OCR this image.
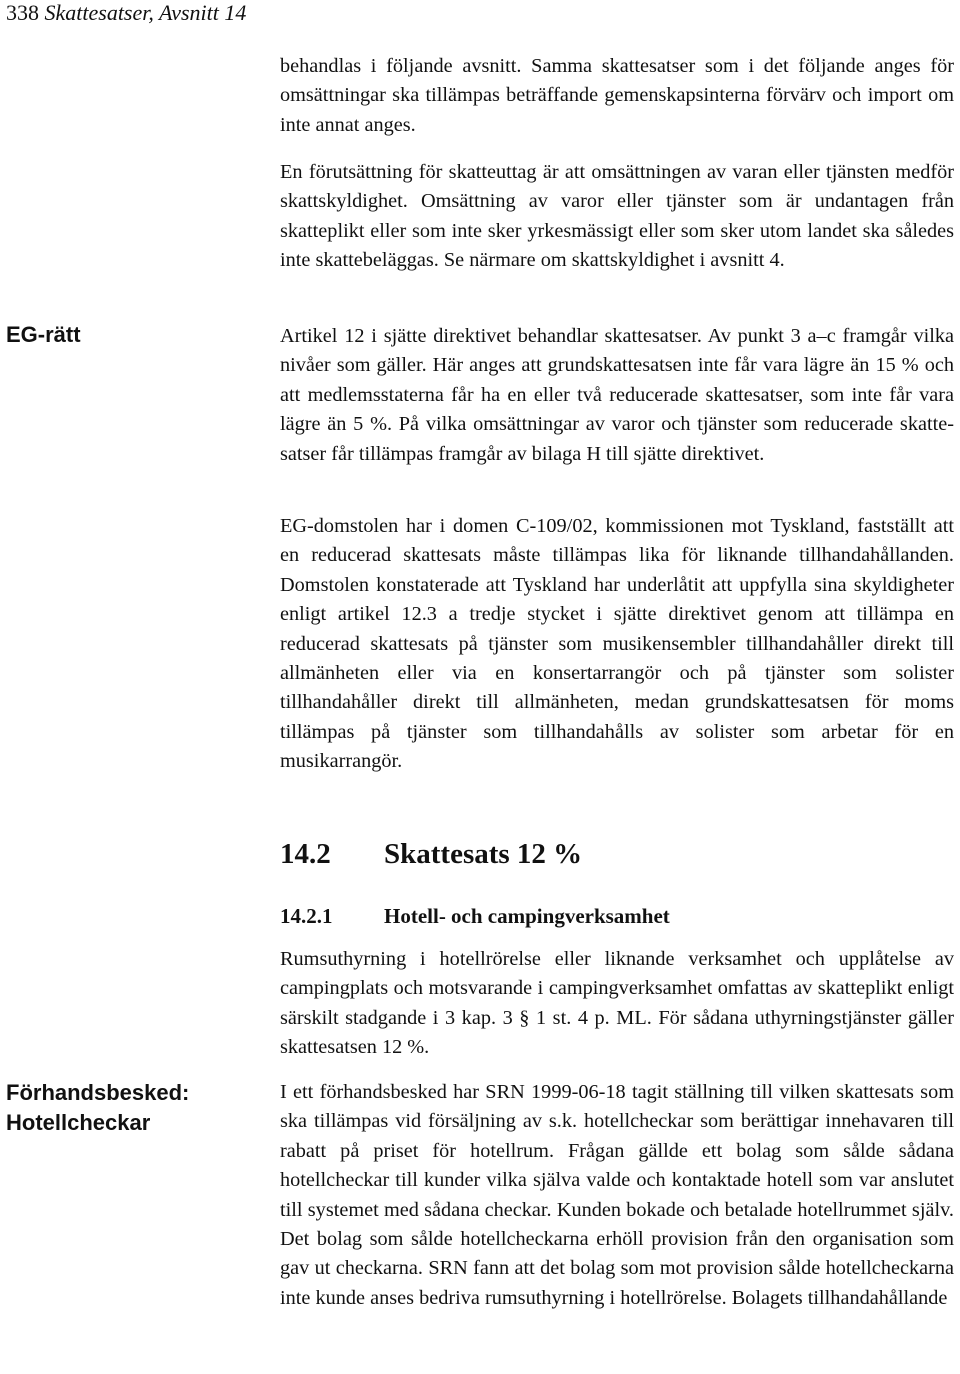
338 Skattesatser, Avsnitt 14

behandlas i följande avsnitt. Samma skattesatser som i det följande anges för omsättningar ska tillämpas beträffande gemenskapsinterna förvärv och import om inte annat anges.

En förutsättning för skatteuttag är att omsättningen av varan eller tjänsten medför skattskyldighet. Omsättning av varor eller tjänster som är undantagen från skatteplikt eller som inte sker yrkesmässigt eller som sker utom landet ska således inte skattebeläggas. Se närmare om skattskyldighet i avsnitt 4.

EG-rätt	Artikel 12 i sjätte direktivet behandlar skattesatser. Av punkt 3 a–c framgår vilka nivåer som gäller. Här anges att grundskattesatsen inte får vara lägre än 15 % och att medlemsstaterna får ha en eller två reducerade skattesatser, som inte får vara lägre än 5 %. På vilka omsättningar av varor och tjänster som reducerade skattesatser får tillämpas framgår av bilaga H till sjätte direktivet.

EG-domstolen har i domen C-109/02, kommissionen mot Tyskland, fastställt att en reducerad skattesats måste tillämpas lika för liknande tillhandahållanden. Domstolen konstaterade att Tyskland har underlåtit att uppfylla sina skyldigheter enligt artikel 12.3 a tredje stycket i sjätte direktivet genom att tillämpa en reducerad skattesats på tjänster som musikensembler tillhandahåller direkt till allmänheten eller via en konsertarrangör och på tjänster som solister tillhandahåller direkt till allmänheten, medan grundskattesatsen för moms tillämpas på tjänster som tillhandahålls av solister som arbetar för en musikarrangör.

14.2 Skattesats 12 %
14.2.1 Hotell- och campingverksamhet

Rumsuthyrning i hotellrörelse eller liknande verksamhet och upplåtelse av campingplats och motsvarande i campingverksamhet omfattas av skatteplikt enligt särskilt stadgande i 3 kap. 3 § 1 st. 4 p. ML. För sådana uthyrningstjänster gäller skattesatsen 12 %.

Förhandsbesked:
Hotellcheckar

I ett förhandsbesked har SRN 1999-06-18 tagit ställning till vilken skattesats som ska tillämpas vid försäljning av s.k. hotellcheckar som berättigar innehavaren till rabatt på priset för hotellrum. Frågan gällde ett bolag som sålde sådana hotellcheckar till kunder vilka själva valde och kontaktade hotell som var anslutet till systemet med sådana checkar. Kunden bokade och betalade hotellrummet själv. Det bolag som sålde hotellcheckarna erhöll provision från den organisation som gav ut checkarna. SRN fann att det bolag som mot provision sålde hotellcheckarna inte kunde anses bedriva rumsuthyrning i hotellrörelse. Bolagets tillhandahållande
